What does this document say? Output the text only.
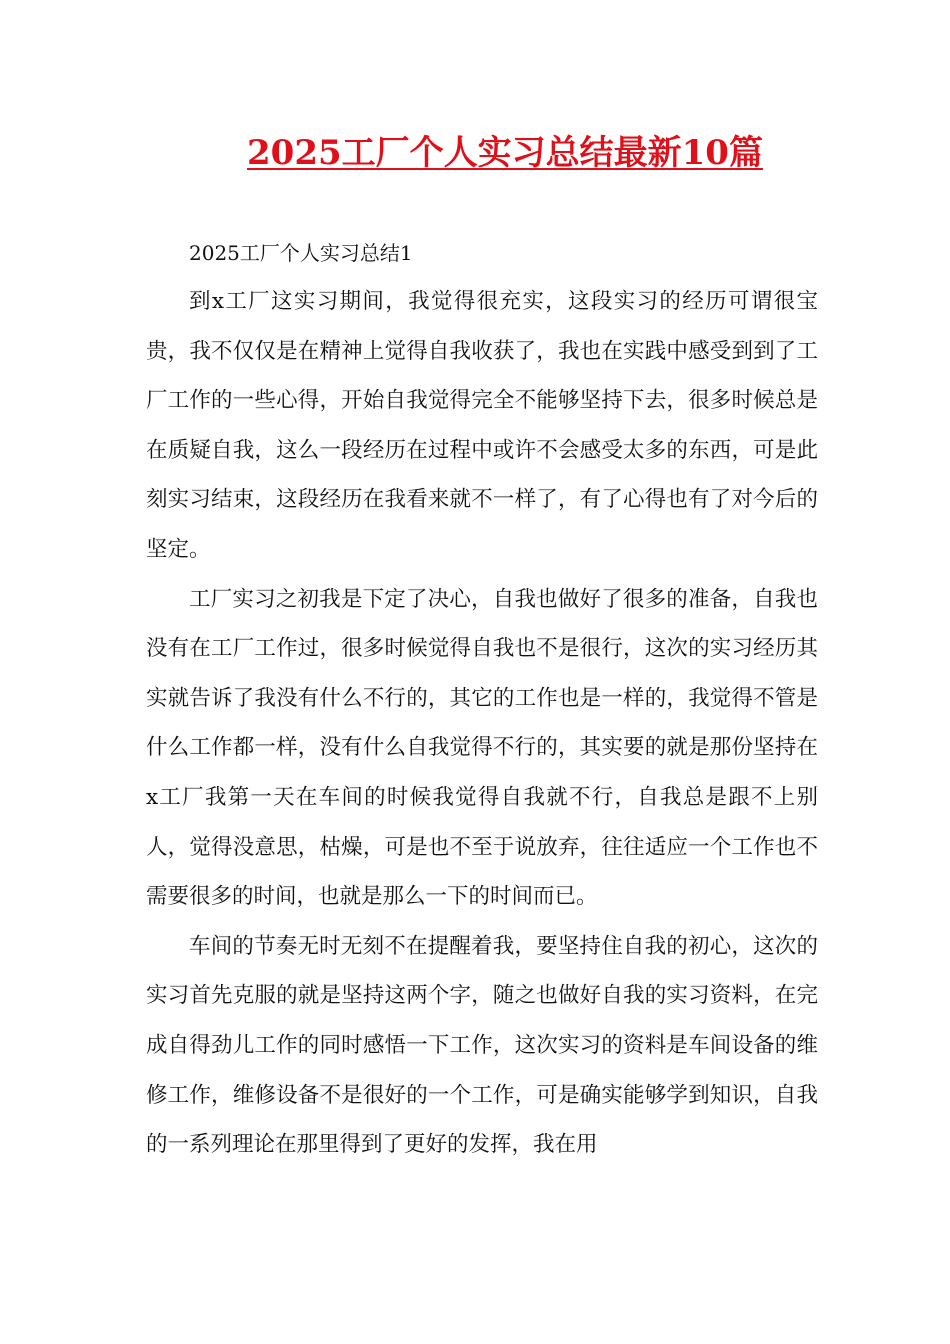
2025工厂个人实习总结最新10篇

2025工厂个人实习总结1

到x工厂这实习期间，我觉得很充实，这段实习的经历可谓很宝贵，我不仅仅是在精神上觉得自我收获了，我也在实践中感受到到了工厂工作的一些心得，开始自我觉得完全不能够坚持下去，很多时候总是在质疑自我，这么一段经历在过程中或许不会感受太多的东西，可是此刻实习结束，这段经历在我看来就不一样了，有了心得也有了对今后的坚定。

工厂实习之初我是下定了决心，自我也做好了很多的准备，自我也没有在工厂工作过，很多时候觉得自我也不是很行，这次的实习经历其实就告诉了我没有什么不行的，其它的工作也是一样的，我觉得不管是什么工作都一样，没有什么自我觉得不行的，其实要的就是那份坚持在x工厂我第一天在车间的时候我觉得自我就不行，自我总是跟不上别人，觉得没意思，枯燥，可是也不至于说放弃，往往适应一个工作也不需要很多的时间，也就是那么一下的时间而已。

车间的节奏无时无刻不在提醒着我，要坚持住自我的初心，这次的实习首先克服的就是坚持这两个字，随之也做好自我的实习资料，在完成自得劲儿工作的同时感悟一下工作，这次实习的资料是车间设备的维修工作，维修设备不是很好的一个工作，可是确实能够学到知识，自我的一系列理论在那里得到了更好的发挥，我在用
